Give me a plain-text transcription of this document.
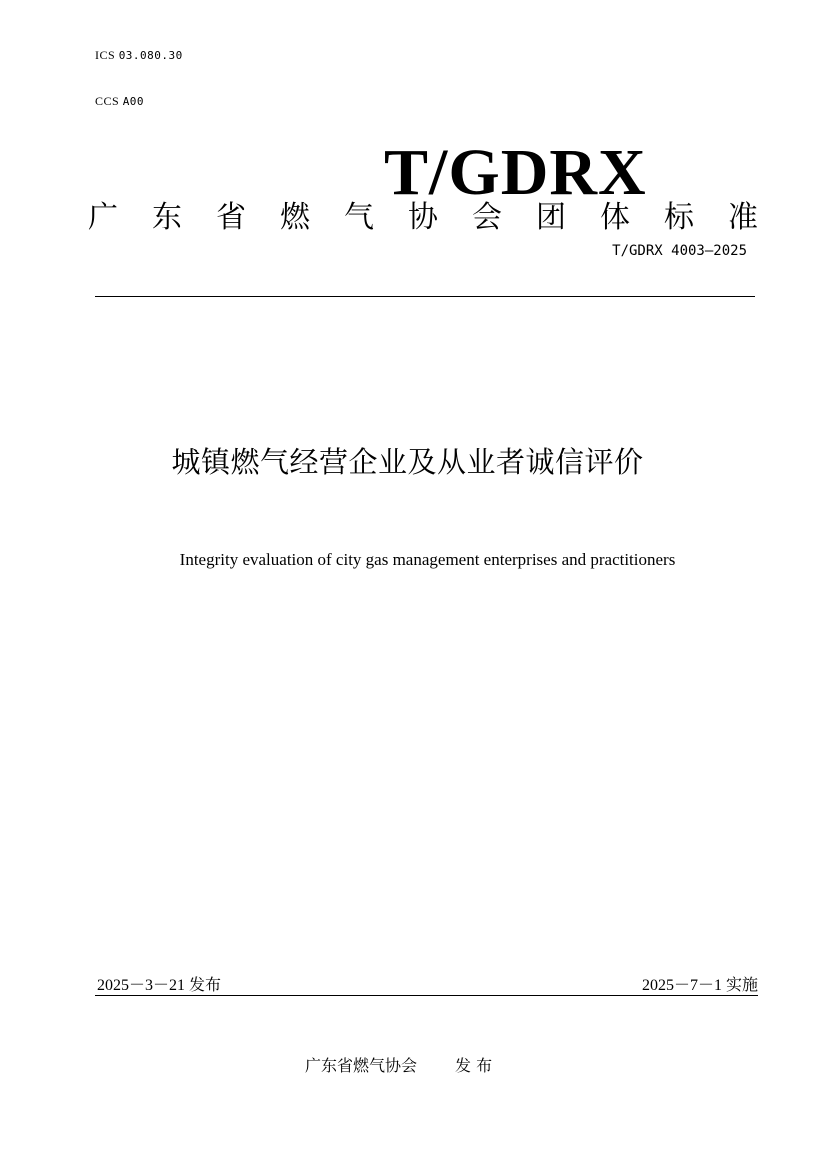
ICS 03.080.30
CCS A00
T/GDRX
广 东 省 燃 气 协 会 团 体 标 准
T/GDRX 4003—2025
城镇燃气经营企业及从业者诚信评价
Integrity evaluation of city gas management enterprises and practitioners
2025－3－21 发布	2025－7－1 实施
广东省燃气协会 发 布
